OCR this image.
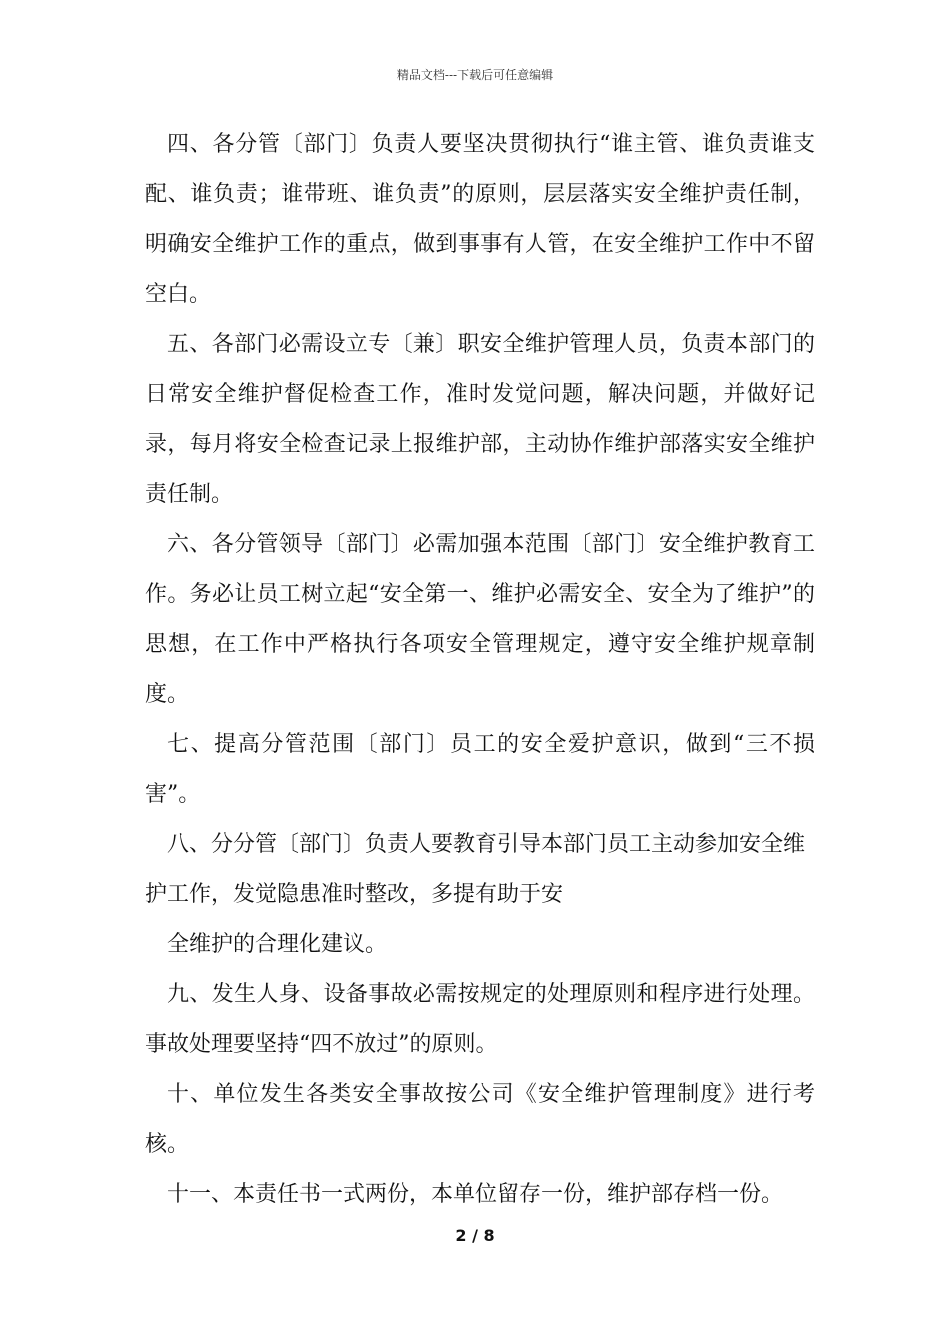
精品文档---下载后可任意编辑

四、各分管〔部门〕负责人要坚决贯彻执行“谁主管、谁负责谁支配、谁负责；谁带班、谁负责”的原则，层层落实安全维护责任制，明确安全维护工作的重点，做到事事有人管，在安全维护工作中不留空白。

五、各部门必需设立专〔兼〕职安全维护管理人员，负责本部门的日常安全维护督促检查工作，准时发觉问题，解决问题，并做好记录，每月将安全检查记录上报维护部，主动协作维护部落实安全维护责任制。

六、各分管领导〔部门〕必需加强本范围〔部门〕安全维护教育工作。务必让员工树立起“安全第一、维护必需安全、安全为了维护”的思想，在工作中严格执行各项安全管理规定，遵守安全维护规章制度。

七、提高分管范围〔部门〕员工的安全爱护意识，做到“三不损害”。

八、分分管〔部门〕负责人要教育引导本部门员工主动参加安全维护工作，发觉隐患准时整改，多提有助于安

全维护的合理化建议。

九、发生人身、设备事故必需按规定的处理原则和程序进行处理。事故处理要坚持“四不放过”的原则。

十、单位发生各类安全事故按公司《安全维护管理制度》进行考核。

十一、本责任书一式两份，本单位留存一份，维护部存档一份。

2 / 8
